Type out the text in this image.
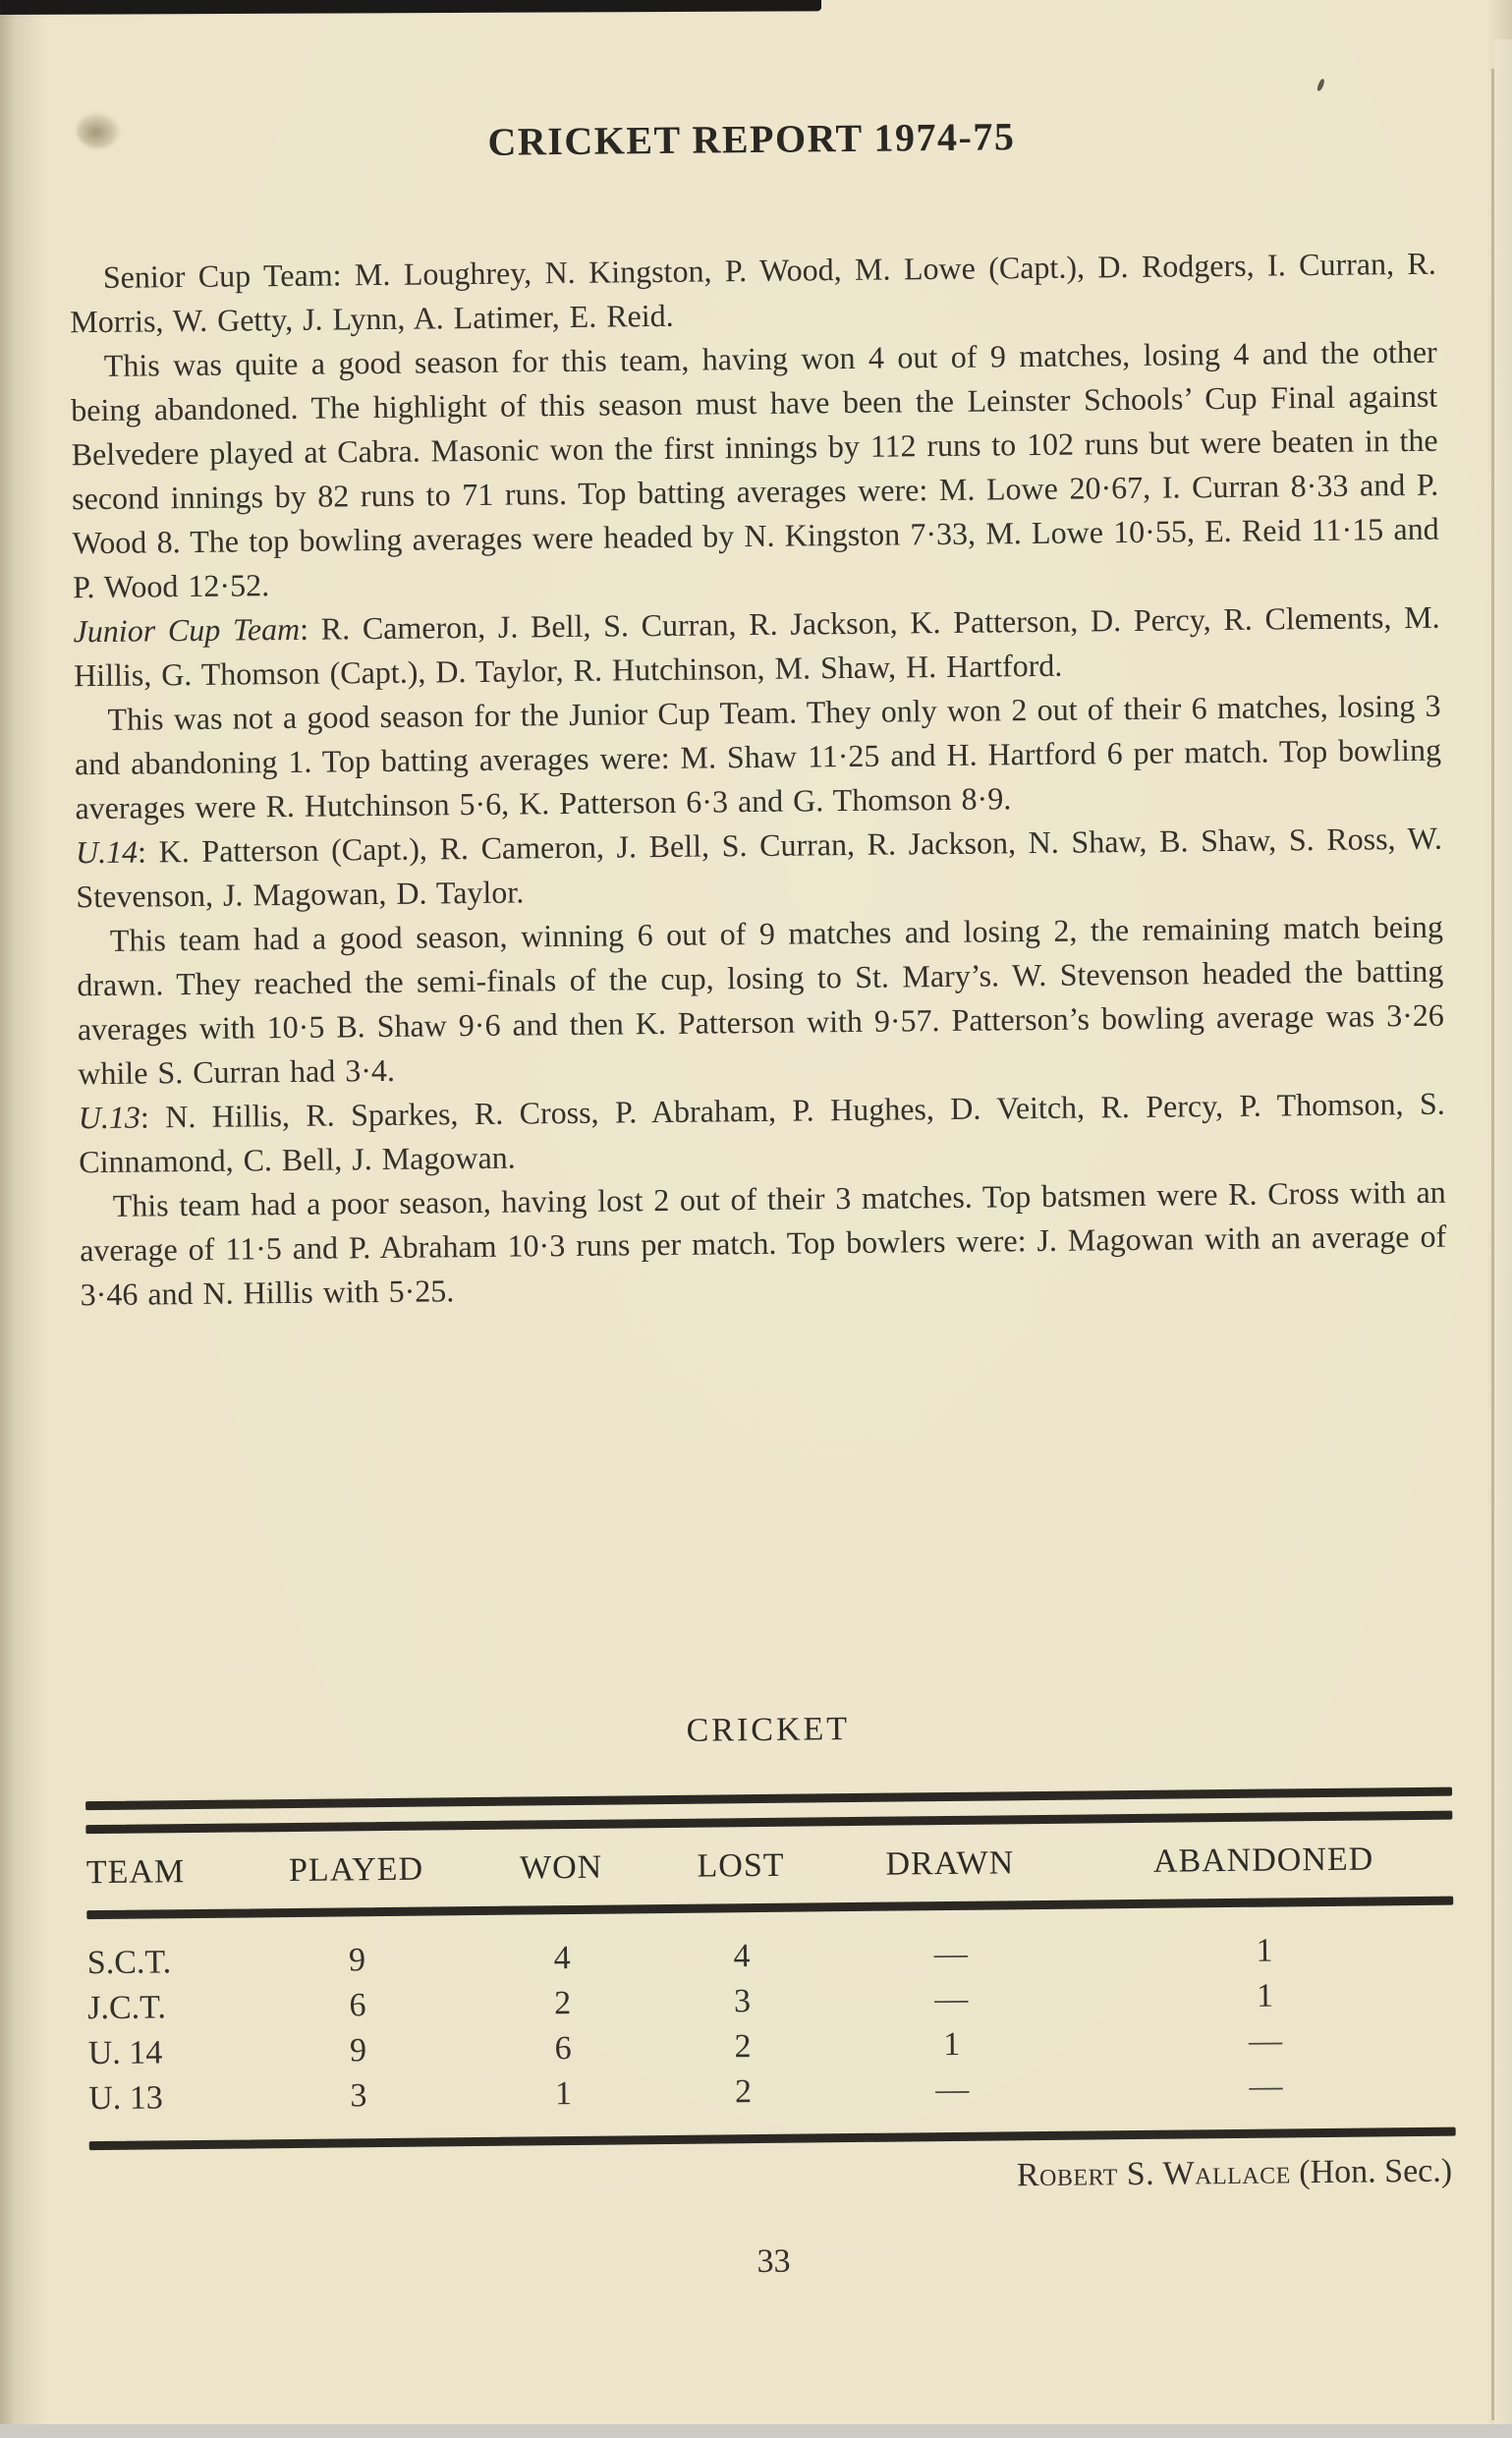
CRICKET REPORT 1974-75

Senior Cup Team: M. Loughrey, N. Kingston, P. Wood, M. Lowe (Capt.), D. Rodgers, I. Curran, R. Morris, W. Getty, J. Lynn, A. Latimer, E. Reid.

This was quite a good season for this team, having won 4 out of 9 matches, losing 4 and the other being abandoned. The highlight of this season must have been the Leinster Schools’ Cup Final against Belvedere played at Cabra. Masonic won the first innings by 112 runs to 102 runs but were beaten in the second innings by 82 runs to 71 runs. Top batting averages were: M. Lowe 20·67, I. Curran 8·33 and P. Wood 8. The top bowling averages were headed by N. Kingston 7·33, M. Lowe 10·55, E. Reid 11·15 and P. Wood 12·52.

Junior Cup Team: R. Cameron, J. Bell, S. Curran, R. Jackson, K. Patterson, D. Percy, R. Clements, M. Hillis, G. Thomson (Capt.), D. Taylor, R. Hutchinson, M. Shaw, H. Hartford.

This was not a good season for the Junior Cup Team. They only won 2 out of their 6 matches, losing 3 and abandoning 1. Top batting averages were: M. Shaw 11·25 and H. Hartford 6 per match. Top bowling averages were R. Hutchinson 5·6, K. Patterson 6·3 and G. Thomson 8·9.

U.14: K. Patterson (Capt.), R. Cameron, J. Bell, S. Curran, R. Jackson, N. Shaw, B. Shaw, S. Ross, W. Stevenson, J. Magowan, D. Taylor.

This team had a good season, winning 6 out of 9 matches and losing 2, the remaining match being drawn. They reached the semi-finals of the cup, losing to St. Mary’s. W. Stevenson headed the batting averages with 10·5 B. Shaw 9·6 and then K. Patterson with 9·57. Patterson’s bowling average was 3·26 while S. Curran had 3·4.

U.13: N. Hillis, R. Sparkes, R. Cross, P. Abraham, P. Hughes, D. Veitch, R. Percy, P. Thomson, S. Cinnamond, C. Bell, J. Magowan.

This team had a poor season, having lost 2 out of their 3 matches. Top batsmen were R. Cross with an average of 11·5 and P. Abraham 10·3 runs per match. Top bowlers were: J. Magowan with an average of 3·46 and N. Hillis with 5·25.

CRICKET
TEAM	PLAYED	WON	LOST	DRAWN	ABANDONED
S.C.T.	9	4	4	—	1
J.C.T.	6	2	3	—	1
U. 14	9	6	2	1	—
U. 13	3	1	2	—	—
Robert S. Wallace (Hon. Sec.)
33
